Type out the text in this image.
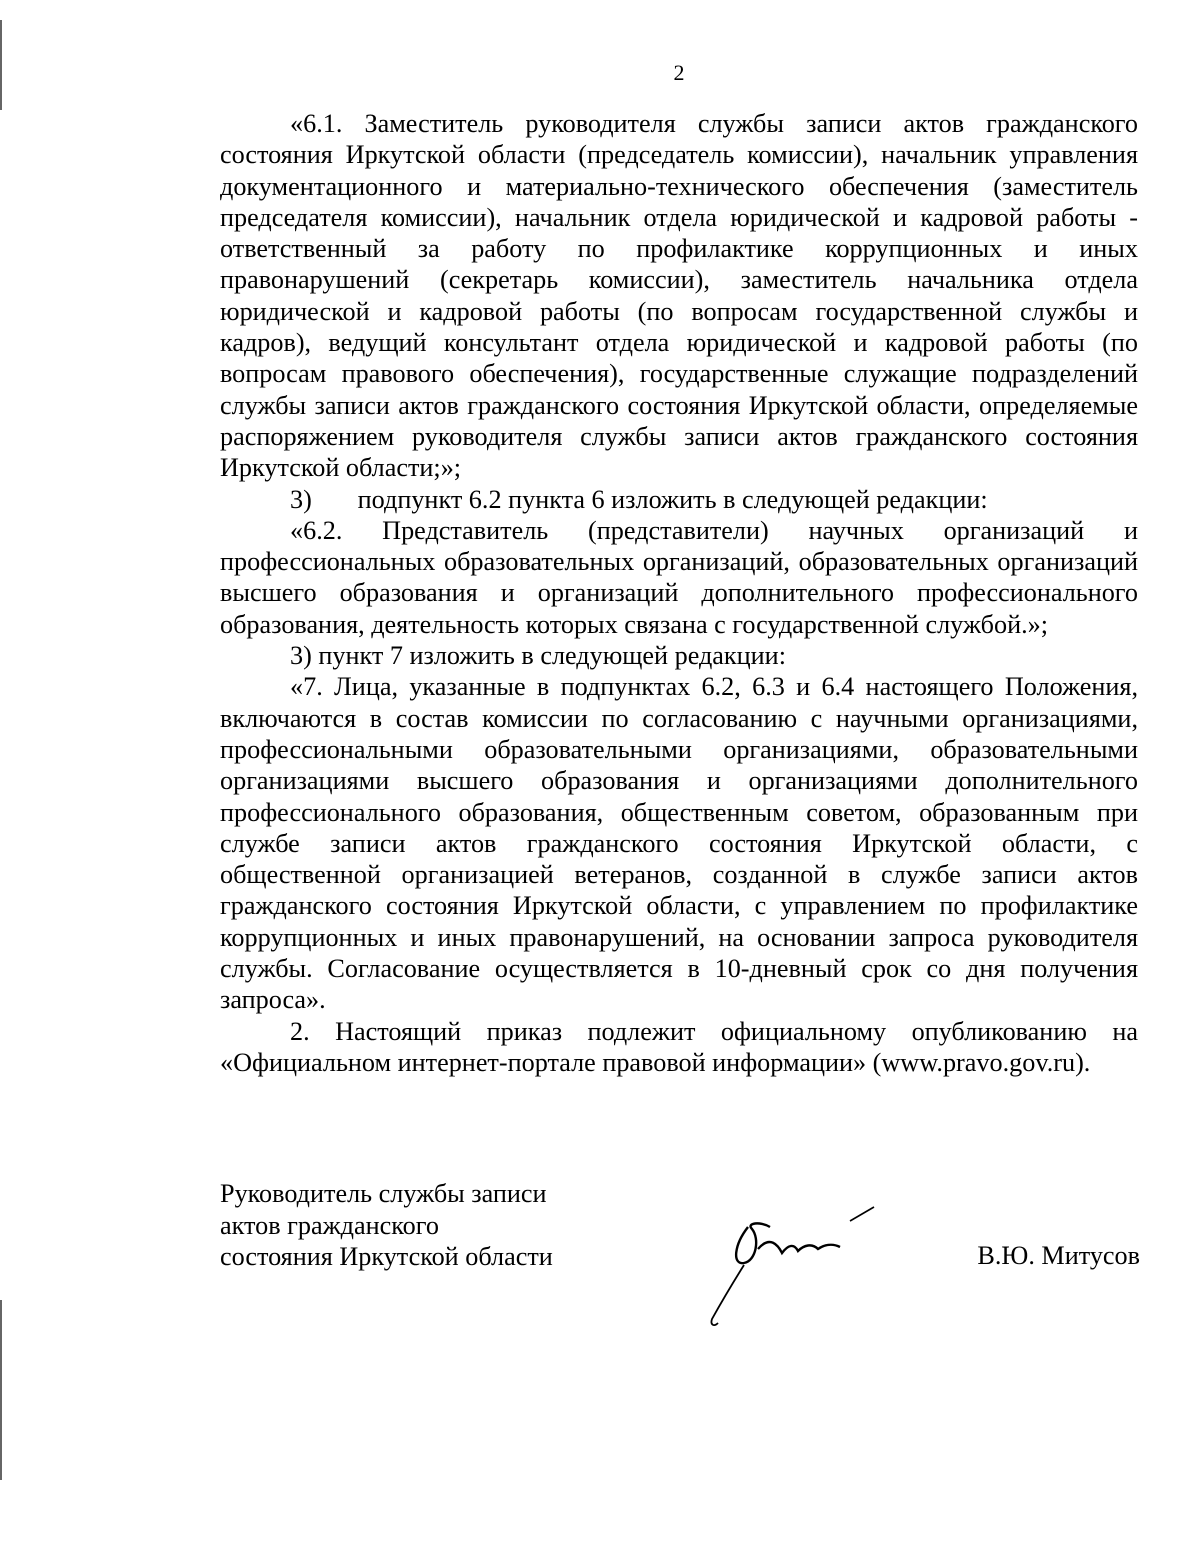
2

«6.1. Заместитель руководителя службы записи актов гражданского состояния Иркутской области (председатель комиссии), начальник управления документационного и материально-технического обеспечения (заместитель председателя комиссии), начальник отдела юридической и кадровой работы - ответственный за работу по профилактике коррупционных и иных правонарушений (секретарь комиссии), заместитель начальника отдела юридической и кадровой работы (по вопросам государственной службы и кадров), ведущий консультант отдела юридической и кадровой работы (по вопросам правового обеспечения), государственные служащие подразделений службы записи актов гражданского состояния Иркутской области, определяемые распоряжением руководителя службы записи актов гражданского состояния Иркутской области;»;

3)       подпункт 6.2 пункта 6 изложить в следующей редакции:

«6.2. Представитель (представители) научных организаций и профессиональных образовательных организаций, образовательных организаций высшего образования и организаций дополнительного профессионального образования, деятельность которых связана с государственной службой.»;

3) пункт 7 изложить в следующей редакции:

«7. Лица, указанные в подпунктах 6.2, 6.3 и 6.4 настоящего Положения, включаются в состав комиссии по согласованию с научными организациями, профессиональными образовательными организациями, образовательными организациями высшего образования и организациями дополнительного профессионального образования, общественным советом, образованным при службе записи актов гражданского состояния Иркутской области, с общественной организацией ветеранов, созданной в службе записи актов гражданского состояния Иркутской области, с управлением по профилактике коррупционных и иных правонарушений, на основании запроса руководителя службы. Согласование осуществляется в 10-дневный срок со дня получения запроса».

2. Настоящий приказ подлежит официальному опубликованию на «Официальном интернет-портале правовой информации» (www.pravo.gov.ru).

Руководитель службы записи
актов гражданского
состояния Иркутской области	В.Ю. Митусов
